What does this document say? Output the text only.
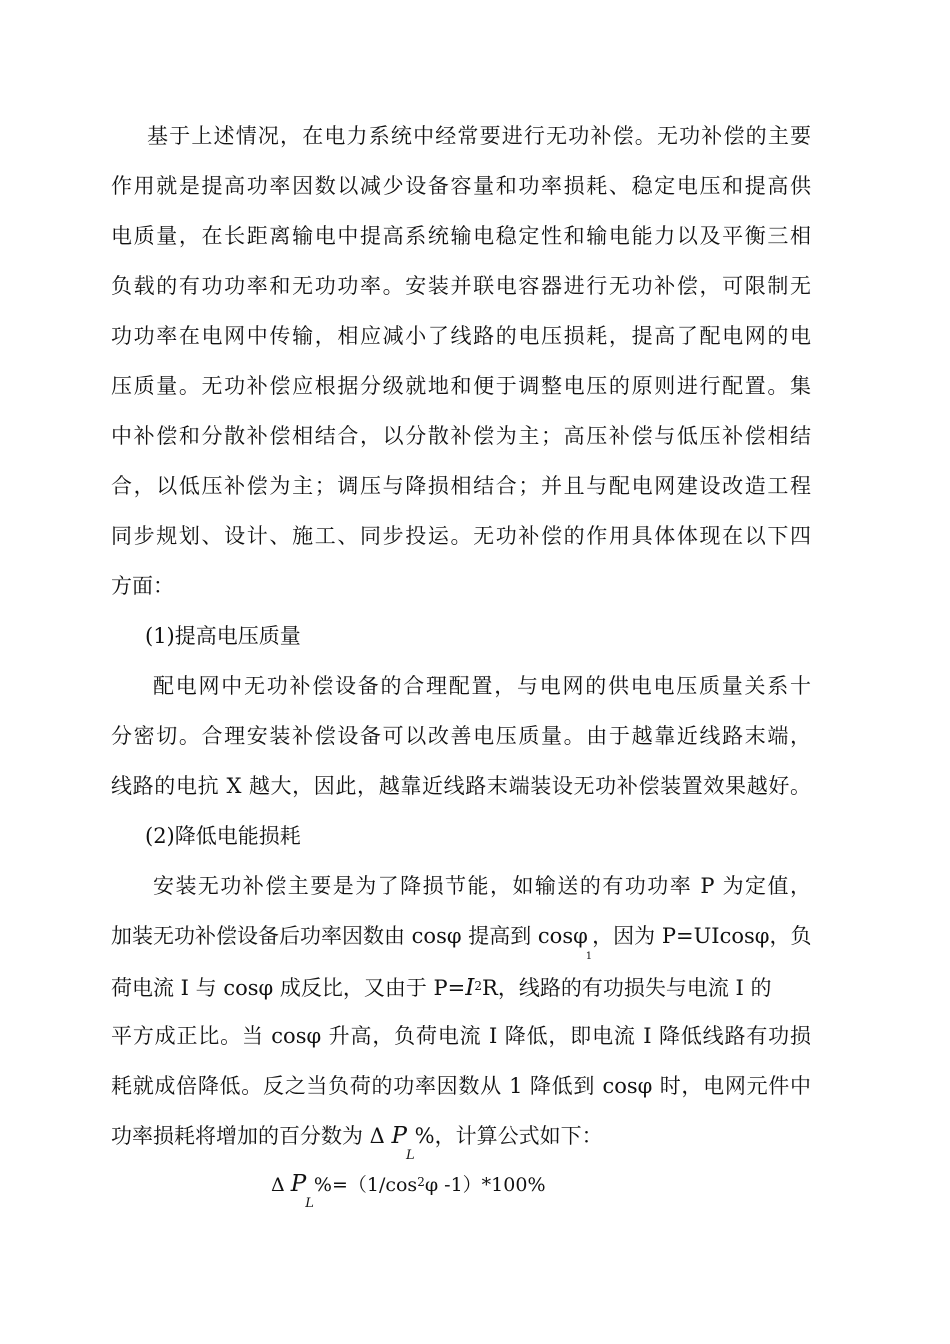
基于上述情况，在电力系统中经常要进行无功补偿。无功补偿的主要
作用就是提高功率因数以减少设备容量和功率损耗、稳定电压和提高供
电质量，在长距离输电中提高系统输电稳定性和输电能力以及平衡三相
负载的有功功率和无功功率。安装并联电容器进行无功补偿，可限制无
功功率在电网中传输，相应减小了线路的电压损耗，提高了配电网的电
压质量。无功补偿应根据分级就地和便于调整电压的原则进行配置。集
中补偿和分散补偿相结合，以分散补偿为主；高压补偿与低压补偿相结
合，以低压补偿为主；调压与降损相结合；并且与配电网建设改造工程
同步规划、设计、施工、同步投运。无功补偿的作用具体体现在以下四
方面：
(1)提高电压质量
配电网中无功补偿设备的合理配置，与电网的供电电压质量关系十
分密切。合理安装补偿设备可以改善电压质量。由于越靠近线路末端，
线路的电抗 X 越大，因此，越靠近线路末端装设无功补偿装置效果越好。
(2)降低电能损耗
安装无功补偿主要是为了降损节能，如输送的有功功率 P 为定值，
加装无功补偿设备后功率因数由 cosφ 提高到 cosφ$_1$，因为 P=UIcosφ，负
荷电流 I 与 cosφ 成反比，又由于 $P=I^2R$，线路的有功损失与电流 I 的
平方成正比。当 cosφ 升高，负荷电流 I 降低，即电流 I 降低线路有功损
耗就成倍降低。反之当负荷的功率因数从 1 降低到 cosφ 时，电网元件中
功率损耗将增加的百分数为 Δ $P_L\%$，计算公式如下：
Δ $P_L\%=(1/\cos^2\varphi$ -1）*100%
